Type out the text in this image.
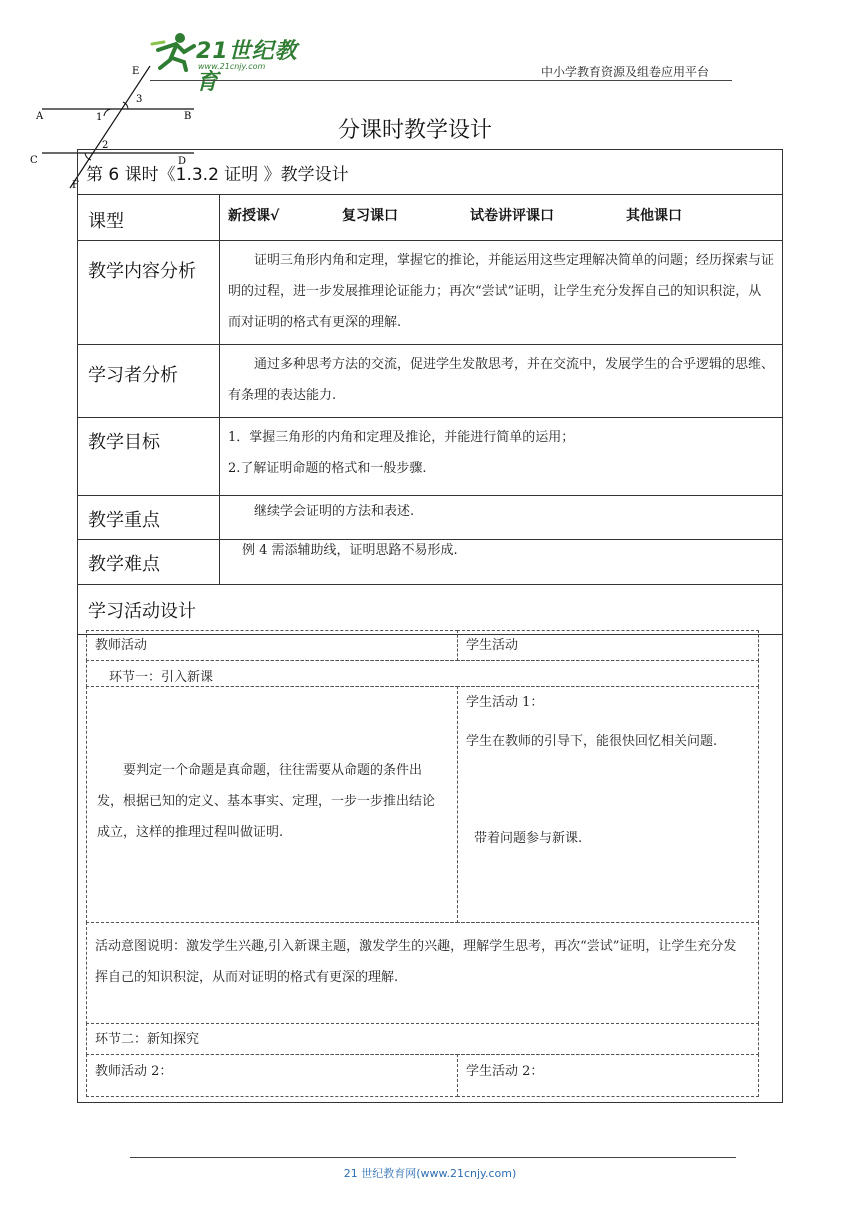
21世纪教育
www.21cnjy.com	中小学教育资源及组卷应用平台
E
A	B
C	D
F
1
3
2
分课时教学设计
第 6 课时《1.3.2 证明 》教学设计	
课型	新授课√ 复习课口 试卷讲评课口 其他课口
教学内容分析	证明三角形内角和定理，掌握它的推论，并能运用这些定理解决简单的问题；经历探索与证明的过程，进一步发展推理论证能力；再次“尝试”证明，让学生充分发挥自己的知识积淀，从而对证明的格式有更深的理解.
学习者分析	通过多种思考方法的交流，促进学生发散思考，并在交流中，发展学生的合乎逻辑的思维、有条理的表达能力.
教学目标	1．掌握三角形的内角和定理及推论，并能进行简单的运用；
2.了解证明命题的格式和一般步骤.

教学重点	继续学会证明的方法和表述.
教学难点	例 4 需添辅助线，证明思路不易形成.
学习活动设计	

教师活动	学生活动
环节一：引入新课
要判定一个命题是真命题，往往需要从命题的条件出发，根据已知的定义、基本事实、定理，一步一步推出结论成立，这样的推理过程叫做证明.
学生活动 1：
学生在教师的引导下，能很快回忆相关问题.
带着问题参与新课.
活动意图说明：激发学生兴趣,引入新课主题，激发学生的兴趣，理解学生思考，再次“尝试”证明，让学生充分发挥自己的知识积淀，从而对证明的格式有更深的理解.
环节二：新知探究
教师活动 2：	学生活动 2：
21 世纪教育网(www.21cnjy.com)
